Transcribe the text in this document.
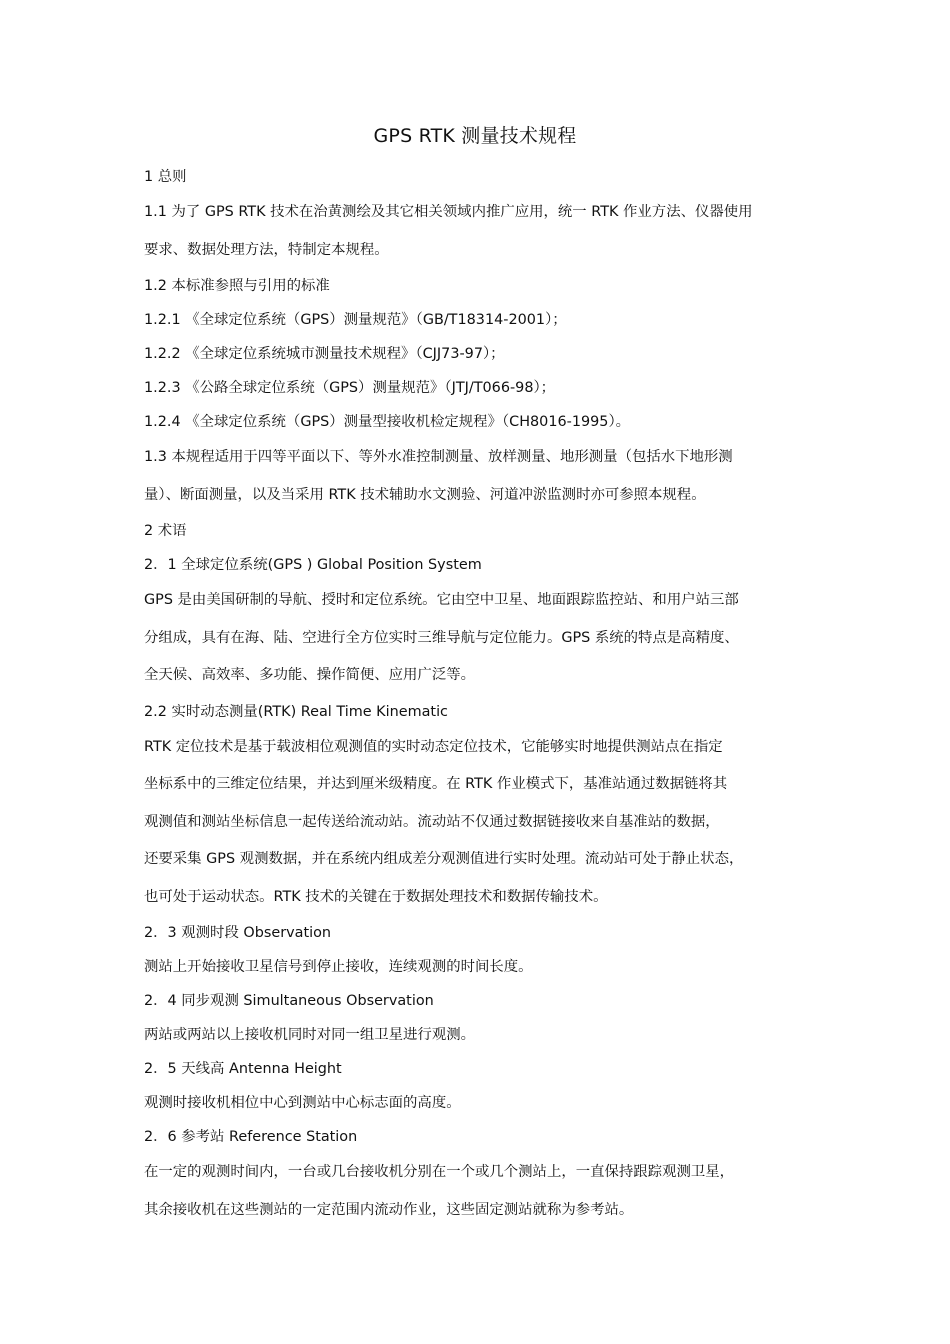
GPS RTK 测量技术规程
1 总则
1.1 为了 GPS RTK 技术在治黄测绘及其它相关领域内推广应用，统一 RTK 作业方法、仪器使用
要求、数据处理方法，特制定本规程。
1.2 本标准参照与引用的标准
1.2.1 《全球定位系统（GPS）测量规范》（GB/T18314-2001）；
1.2.2 《全球定位系统城市测量技术规程》（CJJ73-97）；
1.2.3 《公路全球定位系统（GPS）测量规范》（JTJ/T066-98）；
1.2.4 《全球定位系统（GPS）测量型接收机检定规程》（CH8016-1995）。
1.3 本规程适用于四等平面以下、等外水准控制测量、放样测量、地形测量（包括水下地形测
量）、断面测量，以及当采用 RTK 技术辅助水文测验、河道冲淤监测时亦可参照本规程。
2 术语
2．1 全球定位系统(GPS ) Global Position System
GPS 是由美国研制的导航、授时和定位系统。它由空中卫星、地面跟踪监控站、和用户站三部
分组成，具有在海、陆、空进行全方位实时三维导航与定位能力。GPS 系统的特点是高精度、
全天候、高效率、多功能、操作简便、应用广泛等。
2.2 实时动态测量(RTK) Real Time Kinematic
RTK 定位技术是基于载波相位观测值的实时动态定位技术，它能够实时地提供测站点在指定
坐标系中的三维定位结果，并达到厘米级精度。在 RTK 作业模式下，基准站通过数据链将其
观测值和测站坐标信息一起传送给流动站。流动站不仅通过数据链接收来自基准站的数据，
还要采集 GPS 观测数据，并在系统内组成差分观测值进行实时处理。流动站可处于静止状态，
也可处于运动状态。RTK 技术的关键在于数据处理技术和数据传输技术。
2．3 观测时段 Observation
测站上开始接收卫星信号到停止接收，连续观测的时间长度。
2．4 同步观测 Simultaneous Observation
两站或两站以上接收机同时对同一组卫星进行观测。
2．5 天线高 Antenna Height
观测时接收机相位中心到测站中心标志面的高度。
2．6 参考站 Reference Station
在一定的观测时间内，一台或几台接收机分别在一个或几个测站上，一直保持跟踪观测卫星，
其余接收机在这些测站的一定范围内流动作业，这些固定测站就称为参考站。
